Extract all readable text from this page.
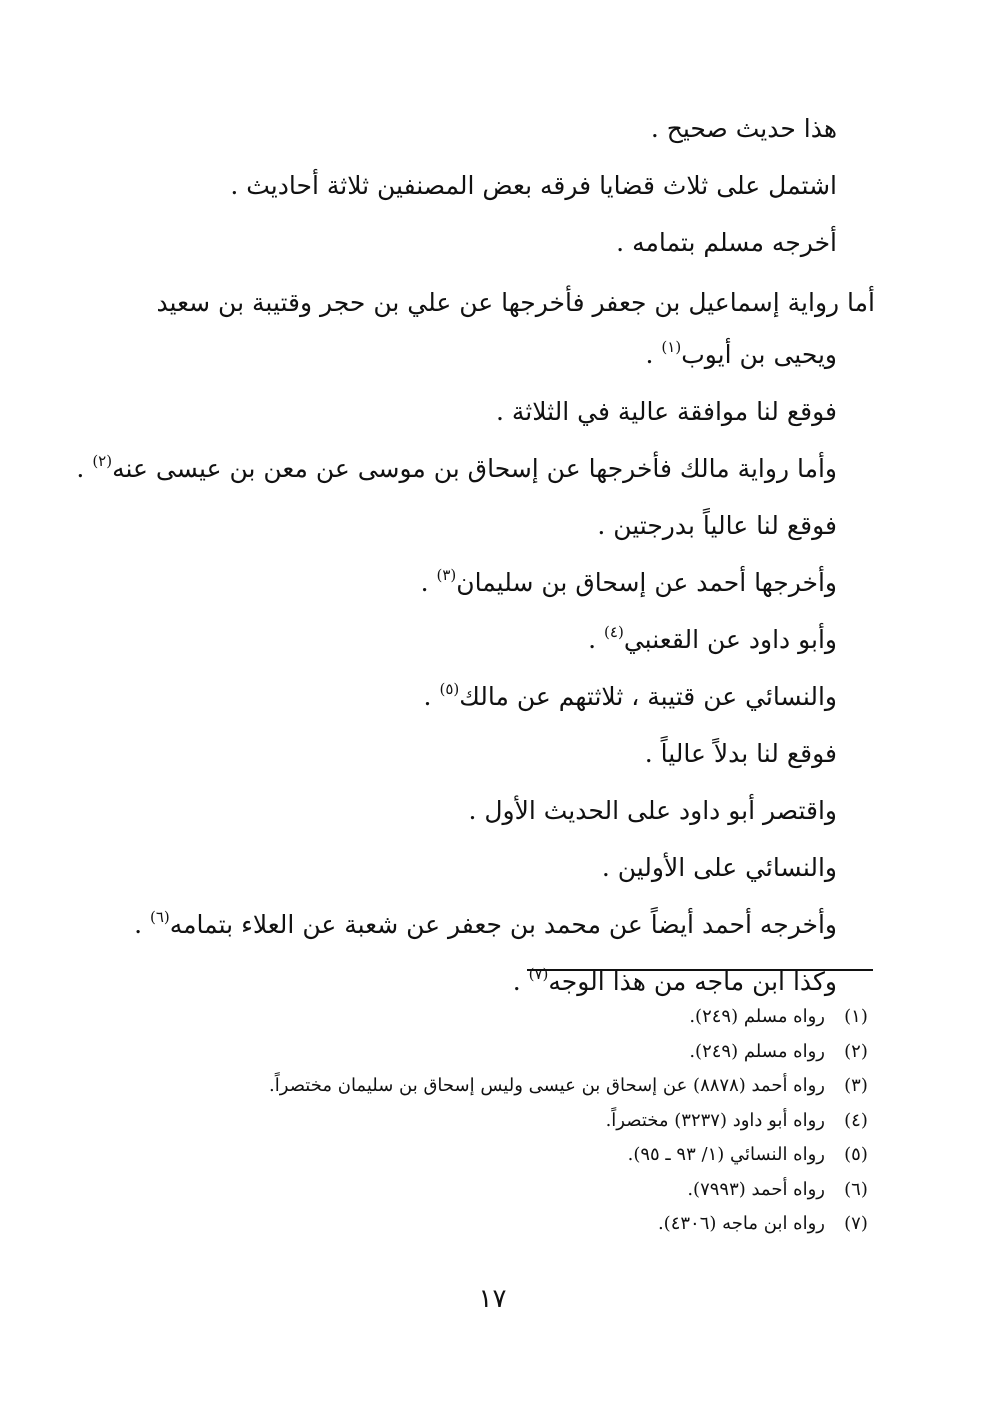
هذا حديث صحيح .

اشتمل على ثلاث قضايا فرقه بعض المصنفين ثلاثة أحاديث .

أخرجه مسلم بتمامه .

أما رواية إسماعيل بن جعفر فأخرجها عن علي بن حجر وقتيبة بن سعيد
ويحيى بن أيوب$^{(١)}$ .

فوقع لنا موافقة عالية في الثلاثة .

وأما رواية مالك فأخرجها عن إسحاق بن موسى عن معن بن عيسى عنه$^{(٢)}$ .

فوقع لنا عالياً بدرجتين .

وأخرجها أحمد عن إسحاق بن سليمان$^{(٣)}$ .

وأبو داود عن القعنبي$^{(٤)}$ .

والنسائي عن قتيبة ، ثلاثتهم عن مالك$^{(٥)}$ .

فوقع لنا بدلاً عالياً .

واقتصر أبو داود على الحديث الأول .

والنسائي على الأولين .

وأخرجه أحمد أيضاً عن محمد بن جعفر عن شعبة عن العلاء بتمامه$^{(٦)}$ .

وكذا ابن ماجه من هذا الوجه$^{(٧)}$ .

(١)
رواه مسلم (٢٤٩).
(٢)
رواه مسلم (٢٤٩).
(٣)
رواه أحمد (٨٨٧٨) عن إسحاق بن عيسى وليس إسحاق بن سليمان مختصراً.
(٤)
رواه أبو داود (٣٢٣٧) مختصراً.
(٥)
رواه النسائي (١/ ٩٣ ـ ٩٥).
(٦)
رواه أحمد (٧٩٩٣).
(٧)
رواه ابن ماجه (٤٣٠٦).
١٧
